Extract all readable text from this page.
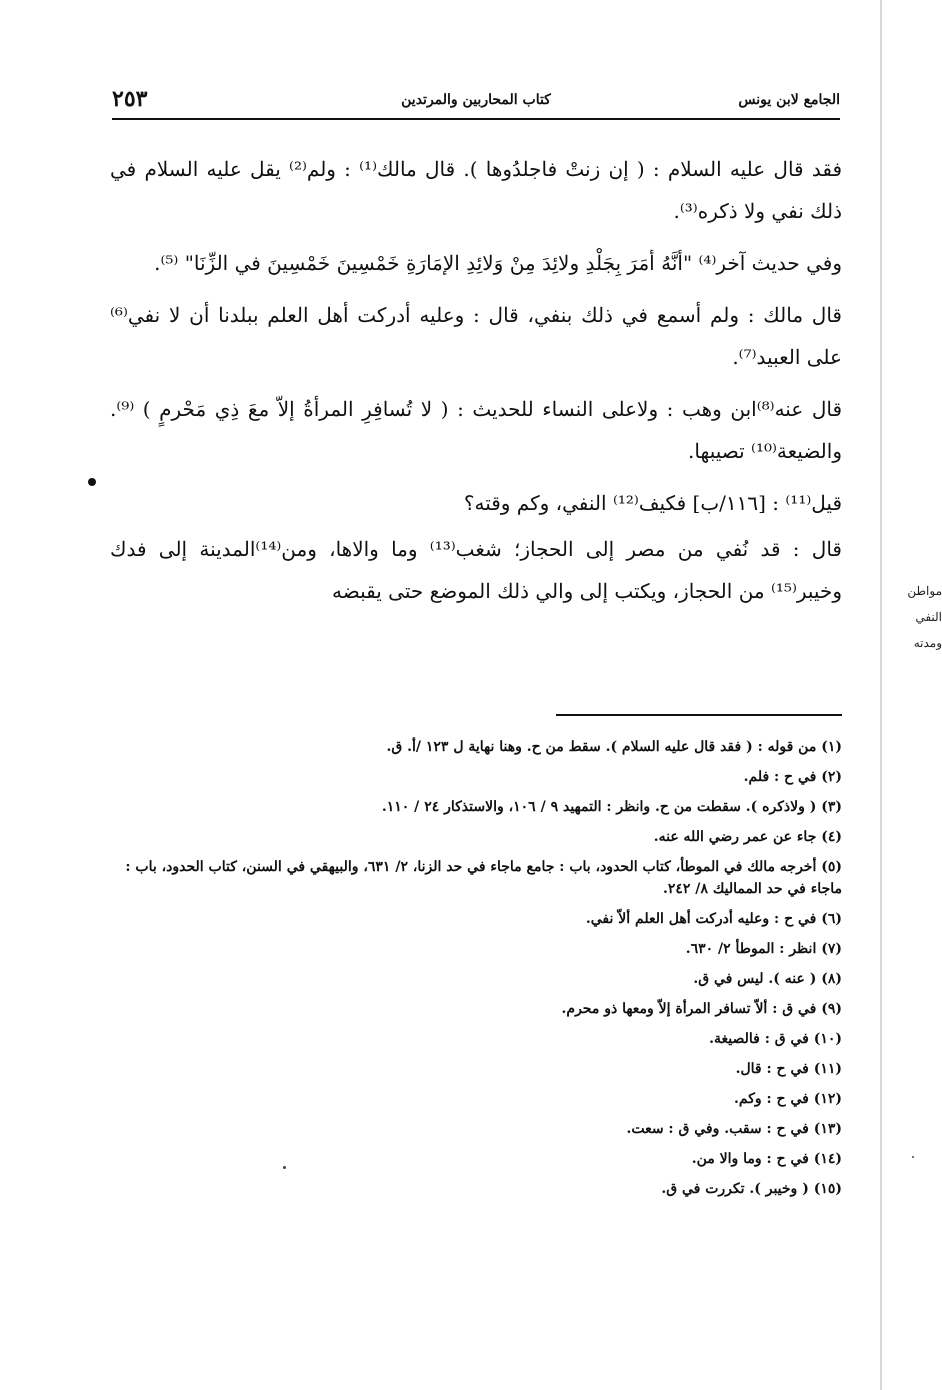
الجامع لابن يونس
كتاب المحاربين والمرتدين
٢٥٣

فقد قال عليه السلام : ( إن زنتْ فاجلدُوها ). قال مالك⁽¹⁾ : ولم⁽²⁾ يقل عليه السلام في ذلك نفي ولا ذكره⁽³⁾.

وفي حديث آخر⁽⁴⁾ "أنَّهُ أمَرَ بِجَلْدِ ولائِدَ مِنْ وَلائِدِ الإمَارَةِ خَمْسِينَ خَمْسِينَ في الزِّنَا" ⁽⁵⁾.

قال مالك : ولم أسمع في ذلك بنفي، قال : وعليه أدركت أهل العلم ببلدنا أن لا نفي⁽⁶⁾ على العبيد⁽⁷⁾.

قال عنه⁽⁸⁾ابن وهب : ولاعلى النساء للحديث : ( لا تُسافِرِ المرأةُ إلاّ معَ ذِي مَحْرمٍ ) ⁽⁹⁾. والضيعة⁽¹⁰⁾ تصيبها.

قيل⁽¹¹⁾ : [١١٦/ب] فكيف⁽¹²⁾ النفي، وكم وقته؟

قال : قد نُفي من مصر إلى الحجاز؛ شغب⁽¹³⁾ وما والاها، ومن⁽¹⁴⁾المدينة إلى فدك وخيبر⁽¹⁵⁾ من الحجاز، ويكتب إلى والي ذلك الموضع حتى يقبضه	مواطن النفي ومدته

(١) من قوله : ( فقد قال عليه السلام ). سقط من ح. وهنا نهاية ل ١٢٣ /أ. ق.

(٢) في ح : فلم.

(٣) ( ولاذكره ). سقطت من ح. وانظر : التمهيد ٩ / ١٠٦، والاستذكار ٢٤ / ١١٠.

(٤) جاء عن عمر رضي الله عنه.

(٥) أخرجه مالك في الموطأ، كتاب الحدود، باب : جامع ماجاء في حد الزنا، ٢/ ٦٣١، والبيهقي في السنن، كتاب الحدود، باب : ماجاء في حد المماليك ٨/ ٢٤٢.

(٦) في ح : وعليه أدركت أهل العلم ألاّ نفي.

(٧) انظر : الموطأ ٢/ ٦٣٠.

(٨) ( عنه ). ليس في ق.

(٩) في ق : ألاّ تسافر المرأة إلاّ ومعها ذو محرم.

(١٠) في ق : فالصيغة.

(١١) في ح : قال.

(١٢) في ح : وكم.

(١٣) في ح : سقب. وفي ق : سعت.

(١٤) في ح : وما والا من.

(١٥) ( وخيبر ). تكررت في ق.
